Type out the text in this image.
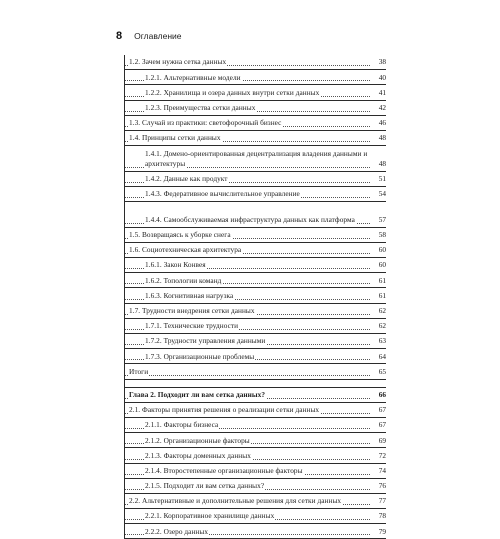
8 Оглавление
1.2. Зачем нужна сетка данных	38
1.2.1. Альтернативные модели	40
1.2.2. Хранилища и озера данных внутри сетки данных	41
1.2.3. Преимущества сетки данных	42
1.3. Случай из практики: светофорочный бизнес	46
1.4. Принципы сетки данных	48
1.4.1. Домено-ориентированная децентрализация владения данными и архитектуры	48
1.4.2. Данные как продукт	51
1.4.3. Федеративное вычислительное управление	54
1.4.4. Самообслуживаемая инфраструктура данных как платформа	57
1.5. Возвращаясь к уборке снега	58
1.6. Социотехническая архитектура	60
1.6.1. Закон Конвея	60
1.6.2. Топологии команд	61
1.6.3. Когнитивная нагрузка	61
1.7. Трудности внедрения сетки данных	62
1.7.1. Технические трудности	62
1.7.2. Трудности управления данными	63
1.7.3. Организационные проблемы	64
Итоги	65
Глава 2. Подходит ли вам сетка данных?	66
2.1. Факторы принятия решения о реализации сетки данных	67
2.1.1. Факторы бизнеса	67
2.1.2. Организационные факторы	69
2.1.3. Факторы доменных данных	72
2.1.4. Второстепенные организационные факторы	74
2.1.5. Подходит ли вам сетка данных?	76
2.2. Альтернативные и дополнительные решения для сетки данных	77
2.2.1. Корпоративное хранилище данных	78
2.2.2. Озеро данных	79
